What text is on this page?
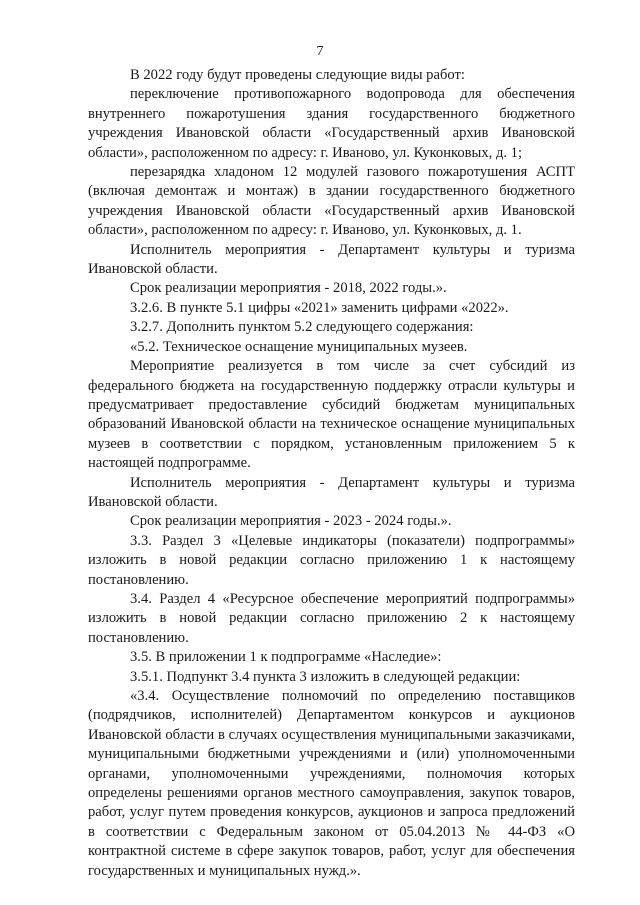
7

В 2022 году будут проведены следующие виды работ:

переключение противопожарного водопровода для обеспечения внутреннего пожаротушения здания государственного бюджетного учреждения Ивановской области «Государственный архив Ивановской области», расположенном по адресу: г. Иваново, ул. Куконковых, д. 1;

перезарядка хладоном 12 модулей газового пожаротушения АСПТ (включая демонтаж и монтаж) в здании государственного бюджетного учреждения Ивановской области «Государственный архив Ивановской области», расположенном по адресу: г. Иваново, ул. Куконковых, д. 1.

Исполнитель мероприятия - Департамент культуры и туризма Ивановской области.

Срок реализации мероприятия - 2018, 2022 годы.».

3.2.6. В пункте 5.1 цифры «2021» заменить цифрами «2022».

3.2.7. Дополнить пунктом 5.2 следующего содержания:

«5.2. Техническое оснащение муниципальных музеев.

Мероприятие реализуется в том числе за счет субсидий из федерального бюджета на государственную поддержку отрасли культуры и предусматривает предоставление субсидий бюджетам муниципальных образований Ивановской области на техническое оснащение муниципальных музеев в соответствии с порядком, установленным приложением 5 к настоящей подпрограмме.

Исполнитель мероприятия - Департамент культуры и туризма Ивановской области.

Срок реализации мероприятия - 2023 - 2024 годы.».

3.3. Раздел 3 «Целевые индикаторы (показатели) подпрограммы» изложить в новой редакции согласно приложению 1 к настоящему постановлению.

3.4. Раздел 4 «Ресурсное обеспечение мероприятий подпрограммы» изложить в новой редакции согласно приложению 2 к настоящему постановлению.

3.5. В приложении 1 к подпрограмме «Наследие»:

3.5.1. Подпункт 3.4 пункта 3 изложить в следующей редакции:

«3.4. Осуществление полномочий по определению поставщиков (подрядчиков, исполнителей) Департаментом конкурсов и аукционов Ивановской области в случаях осуществления муниципальными заказчиками, муниципальными бюджетными учреждениями и (или) уполномоченными органами, уполномоченными учреждениями, полномочия которых определены решениями органов местного самоуправления, закупок товаров, работ, услуг путем проведения конкурсов, аукционов и запроса предложений в соответствии с Федеральным законом от 05.04.2013 № 44-ФЗ «О контрактной системе в сфере закупок товаров, работ, услуг для обеспечения государственных и муниципальных нужд.».
